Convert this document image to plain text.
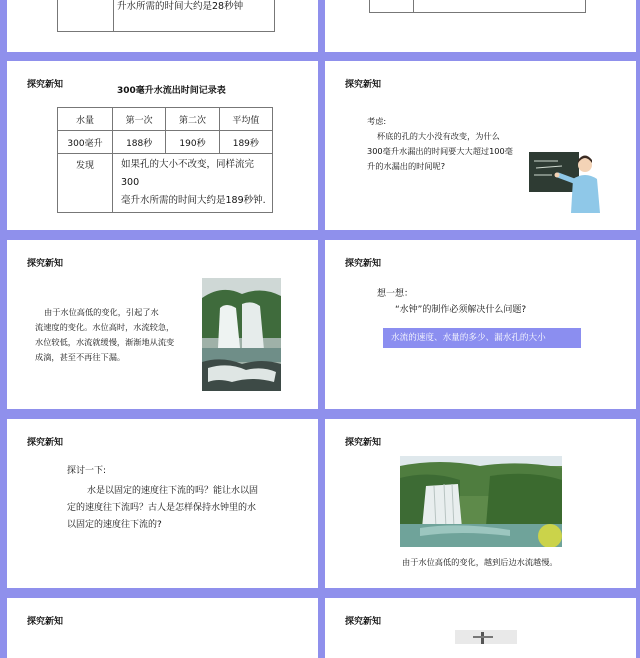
升水所需的时间大约是28秒钟
探究新知
300毫升水流出时间记录表
水量	第一次	第二次	平均值
300毫升	188秒	190秒	189秒
发现	如果孔的大小不改变，同样流完300
毫升水所需的时间大约是189秒钟.		
探究新知
考虑:
杯底的孔的大小没有改变，为什么
300毫升水漏出的时间要大大超过100毫
升的水漏出的时间呢?
探究新知
由于水位高低的变化，引起了水
流速度的变化。水位高时，水流较急，
水位较低，水流就缓慢，渐渐地从流变
成滴，甚至不再往下漏。
探究新知
想一想：
“水钟”的制作必须解决什么问题?
水流的速度、水量的多少、漏水孔的大小
探究新知
探讨一下:
水是以固定的速度往下流的吗？能让水以固
定的速度往下流吗？古人是怎样保持水钟里的水
以固定的速度往下流的?
探究新知
由于水位高低的变化，越到后边水流越慢。
探究新知	探究新知
